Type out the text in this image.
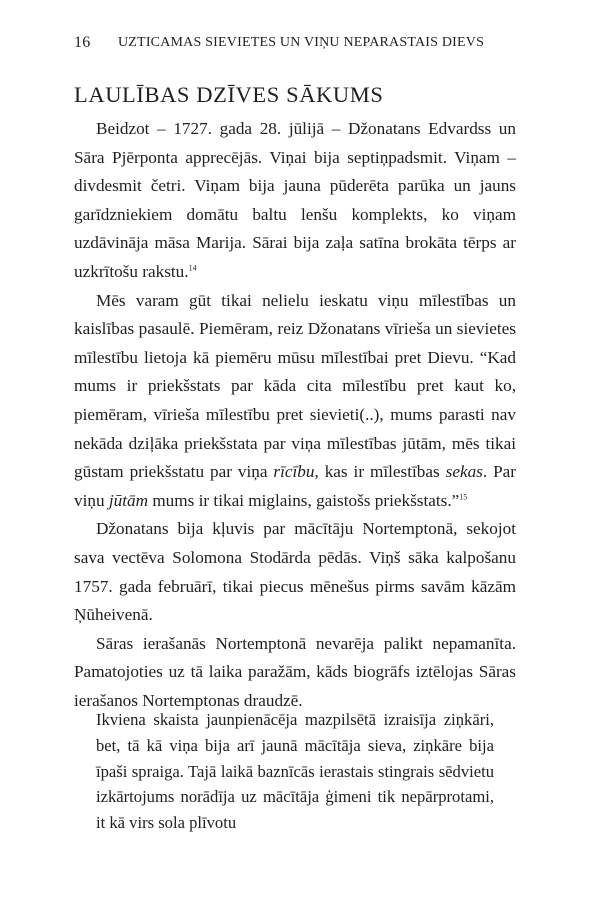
16 UZTICAMAS SIEVIETES UN VIŅU NEPARASTAIS DIEVS
LAULĪBAS DZĪVES SĀKUMS

Beidzot – 1727. gada 28. jūlijā – Džonatans Edvardss un Sāra Pjērponta apprecējās. Viņai bija septiņpadsmit. Viņam – divdesmit četri. Viņam bija jauna pūderēta parūka un jauns garīdzniekiem domātu baltu lenšu komplekts, ko viņam uzdāvināja māsa Marija. Sārai bija zaļa satīna brokāta tērps ar uzkrītošu rakstu.$^{14}$

Mēs varam gūt tikai nelielu ieskatu viņu mīlestības un kaislības pasaulē. Piemēram, reiz Džonatans vīrieša un sievietes mīlestību lietoja kā piemēru mūsu mīlestībai pret Dievu. “Kad mums ir priekšstats par kāda cita mīlestību pret kaut ko, piemēram, vīrieša mīlestību pret sievieti(..), mums parasti nav nekāda dziļāka priekšstata par viņa mīlestības jūtām, mēs tikai gūstam priekšstatu par viņa rīcību, kas ir mīlestības sekas. Par viņu jūtām mums ir tikai miglains, gaistošs priekšstats.”$^{15}$

Džonatans bija kļuvis par mācītāju Nortemptonā, sekojot sava vectēva Solomona Stodārda pēdās. Viņš sāka kalpošanu 1757. gada februārī, tikai piecus mēnešus pirms savām kāzām Ņūheivenā.

Sāras ierašanās Nortemptonā nevarēja palikt nepamanīta. Pamatojoties uz tā laika paražām, kāds biogrāfs iztēlojas Sāras ierašanos Nortemptonas draudzē.

Ikviena skaista jaunpienācēja mazpilsētā izraisīja ziņkāri, bet, tā kā viņa bija arī jaunā mācītāja sieva, ziņkāre bija īpaši spraiga. Tajā laikā baznīcās ierastais stingrais sēdvietu izkārtojums norādīja uz mācītāja ģimeni tik nepārprotami, it kā virs sola plīvotu
